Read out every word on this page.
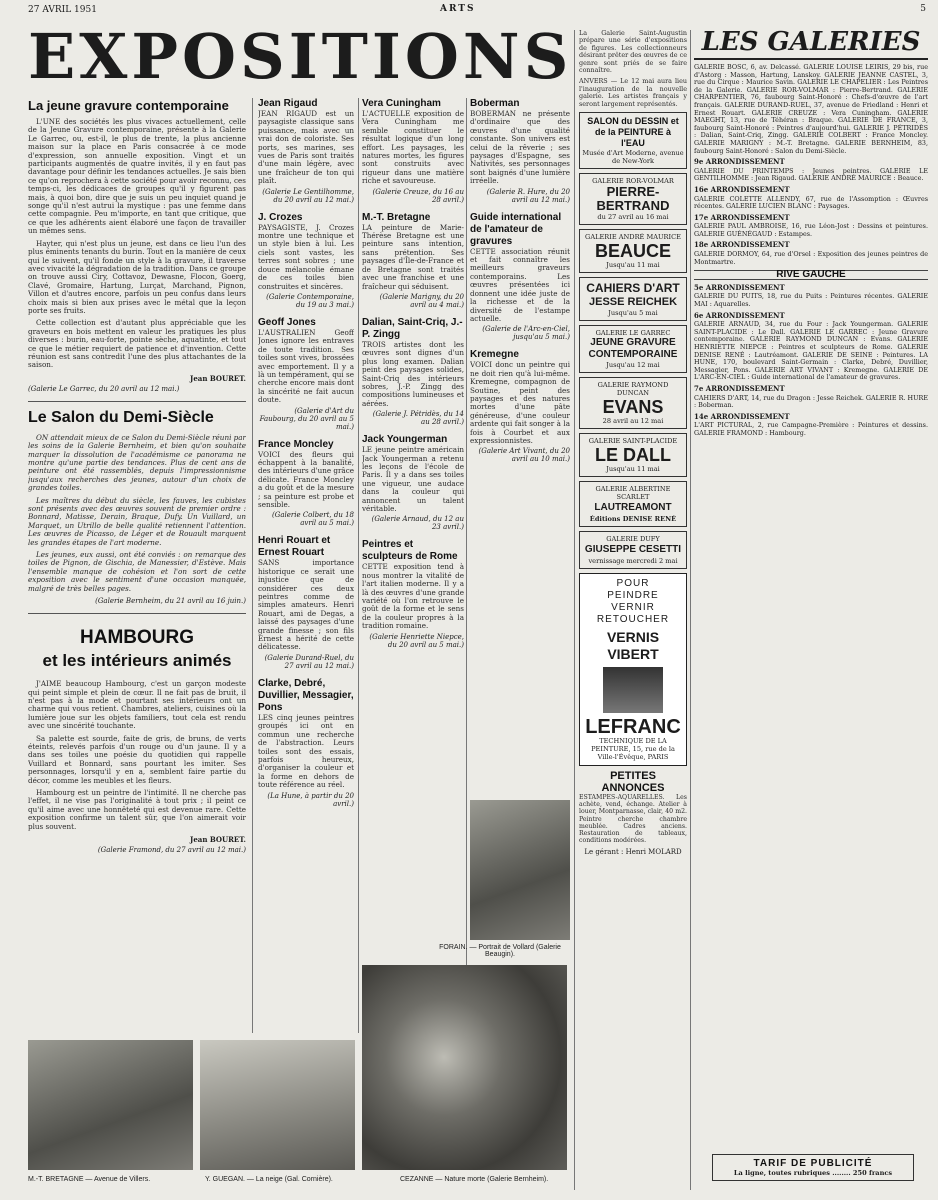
27 AVRIL 1951	ARTS	5
EXPOSITIONS
La jeune gravure contemporaine

L'UNE des sociétés les plus vivaces actuellement, celle de la Jeune Gravure contemporaine, présente à la Galerie Le Garrec, ou, est-il, le plus de trente, la plus ancienne maison sur la place en Paris consacrée à ce mode d'expression, son annuelle exposition. Vingt et un participants augmentés de quatre invités, il y en faut pas davantage pour définir les tendances actuelles. Je sais bien ce qu'on reprochera à cette société pour avoir reconnu, ces temps-ci, les dédicaces de groupes qu'il y figurent pas mais, à quoi bon, dire que je suis un peu inquiet quand je songe qu'il n'est autrui la mystique : pas une femme dans cette compagnie. Peu m'importe, en tant que critique, que ce que les adhérents aient élaboré une façon de travailler un mêmes sens.

Hayter, qui n'est plus un jeune, est dans ce lieu l'un des plus éminents tenants du burin. Tout en la manière de ceux qui le suivent, qu'il fonde un style à la gravure, il traverse avec vivacité la dégradation de la tradition. Dans ce groupe on trouve aussi Ciry, Cottavoz, Dewasne, Flocon, Goerg, Clavé, Gromaire, Hartung, Lurçat, Marchand, Pignon, Villon et d'autres encore, parfois un peu confus dans leurs choix mais si bien aux prises avec le métal que la leçon porte ses fruits.

Cette collection est d'autant plus appréciable que les graveurs en bois mettent en valeur les pratiques les plus diverses : burin, eau-forte, pointe sèche, aquatinte, et tout ce que le métier requiert de patience et d'invention. Cette réunion est sans contredit l'une des plus attachantes de la saison.

Jean BOURET.
(Galerie Le Garrec, du 20 avril au 12 mai.)
Le Salon du Demi-Siècle

ON attendait mieux de ce Salon du Demi-Siècle réuni par les soins de la Galerie Bernheim, et bien qu'on souhaite marquer la dissolution de l'académisme ce panorama ne montre qu'une partie des tendances. Plus de cent ans de peinture ont été rassemblés, depuis l'impressionnisme jusqu'aux recherches des jeunes, autour d'un choix de grandes toiles.

Les maîtres du début du siècle, les fauves, les cubistes sont présents avec des œuvres souvent de premier ordre : Bonnard, Matisse, Derain, Braque, Dufy. Un Vuillard, un Marquet, un Utrillo de belle qualité retiennent l'attention. Les œuvres de Picasso, de Léger et de Rouault marquent les grandes étapes de l'art moderne.

Les jeunes, eux aussi, ont été conviés : on remarque des toiles de Pignon, de Gischia, de Manessier, d'Estève. Mais l'ensemble manque de cohésion et l'on sort de cette exposition avec le sentiment d'une occasion manquée, malgré de très belles pages.

(Galerie Bernheim, du 21 avril au 16 juin.)
HAMBOURG
et les intérieurs animés

J'AIME beaucoup Hambourg, c'est un garçon modeste qui peint simple et plein de cœur. Il ne fait pas de bruit, il n'est pas à la mode et pourtant ses intérieurs ont un charme qui vous retient. Chambres, ateliers, cuisines où la lumière joue sur les objets familiers, tout cela est rendu avec une sincérité touchante.

Sa palette est sourde, faite de gris, de bruns, de verts éteints, relevés parfois d'un rouge ou d'un jaune. Il y a dans ses toiles une poésie du quotidien qui rappelle Vuillard et Bonnard, sans pourtant les imiter. Ses personnages, lorsqu'il y en a, semblent faire partie du décor, comme les meubles et les fleurs.

Hambourg est un peintre de l'intimité. Il ne cherche pas l'effet, il ne vise pas l'originalité à tout prix ; il peint ce qu'il aime avec une honnêteté qui est devenue rare. Cette exposition confirme un talent sûr, que l'on aimerait voir plus souvent.

Jean BOURET.
(Galerie Framond, du 27 avril au 12 mai.)
Jean Rigaud
JEAN RIGAUD est un paysagiste classique sans puissance, mais avec un vrai don de coloriste. Ses ports, ses marines, ses vues de Paris sont traités d'une main légère, avec une fraîcheur de ton qui plaît.
(Galerie Le Gentilhomme, du 20 avril au 12 mai.)
J. Crozes
PAYSAGISTE, J. Crozes montre une technique et un style bien à lui. Les ciels sont vastes, les terres sont sobres ; une douce mélancolie émane de ces toiles bien construites et sincères.
(Galerie Contemporaine, du 19 au 3 mai.)
Geoff Jones
L'AUSTRALIEN Geoff Jones ignore les entraves de toute tradition. Ses toiles sont vives, brossées avec emportement. Il y a là un tempérament, qui se cherche encore mais dont la sincérité ne fait aucun doute.
(Galerie d'Art du Faubourg, du 20 avril au 5 mai.)
France Moncley
VOICI des fleurs qui échappent à la banalité, des intérieurs d'une grâce délicate. France Moncley a du goût et de la mesure ; sa peinture est probe et sensible.
(Galerie Colbert, du 18 avril au 5 mai.)
Henri Rouart et Ernest Rouart
SANS importance historique ce serait une injustice que de considérer ces deux peintres comme de simples amateurs. Henri Rouart, ami de Degas, a laissé des paysages d'une grande finesse ; son fils Ernest a hérité de cette délicatesse.
(Galerie Durand-Ruel, du 27 avril au 12 mai.)
Clarke, Debré, Duvillier, Messagier, Pons
LES cinq jeunes peintres groupés ici ont en commun une recherche de l'abstraction. Leurs toiles sont des essais, parfois heureux, d'organiser la couleur et la forme en dehors de toute référence au réel.
(La Hune, à partir du 20 avril.)
Vera Cuningham
L'ACTUELLE exposition de Vera Cuningham me semble constituer le résultat logique d'un long effort. Les paysages, les natures mortes, les figures sont construits avec rigueur dans une matière riche et savoureuse.
(Galerie Creuze, du 16 au 28 avril.)
M.-T. Bretagne
LA peinture de Marie-Thérèse Bretagne est une peinture sans intention, sans prétention. Ses paysages d'Île-de-France et de Bretagne sont traités avec une franchise et une fraîcheur qui séduisent.
(Galerie Marigny, du 20 avril au 4 mai.)
Dalian, Saint-Criq, J.-P. Zingg
TROIS artistes dont les œuvres sont dignes d'un plus long examen. Dalian peint des paysages solides, Saint-Criq des intérieurs sobres, J.-P. Zingg des compositions lumineuses et aérées.
(Galerie J. Pétridès, du 14 au 28 avril.)
Jack Youngerman
LE jeune peintre américain Jack Youngerman a retenu les leçons de l'école de Paris. Il y a dans ses toiles une vigueur, une audace dans la couleur qui annoncent un talent véritable.
(Galerie Arnaud, du 12 au 23 avril.)
Peintres et sculpteurs de Rome
CETTE exposition tend à nous montrer la vitalité de l'art italien moderne. Il y a là des œuvres d'une grande variété où l'on retrouve le goût de la forme et le sens de la couleur propres à la tradition romaine.
(Galerie Henriette Niepce, du 20 avril au 5 mai.)
Boberman
BOBERMAN ne présente d'ordinaire que des œuvres d'une qualité constante. Son univers est celui de la rêverie ; ses paysages d'Espagne, ses Nativités, ses personnages sont baignés d'une lumière irréelle.
(Galerie R. Hure, du 20 avril au 12 mai.)
Guide international de l'amateur de gravures
CETTE association réunit et fait connaître les meilleurs graveurs contemporains. Les œuvres présentées ici donnent une idée juste de la richesse et de la diversité de l'estampe actuelle.
(Galerie de l'Arc-en-Ciel, jusqu'au 5 mai.)
Kremegne
VOICI donc un peintre qui ne doit rien qu'à lui-même. Kremegne, compagnon de Soutine, peint des paysages et des natures mortes d'une pâte généreuse, d'une couleur ardente qui fait songer à la fois à Courbet et aux expressionnistes.
(Galerie Art Vivant, du 20 avril au 10 mai.)
FORAIN. — Portrait de Vollard (Galerie Beaugin).
M.-T. BRETAGNE — Avenue de Villers.	Y. GUEGAN. — La neige (Gal. Cornière).	CEZANNE — Nature morte (Galerie Bernheim).
La Galerie Saint-Augustin prépare une série d'expositions de figures. Les collectionneurs désirant prêter des œuvres de ce genre sont priés de se faire connaître.
ANVERS — Le 12 mai aura lieu l'inauguration de la nouvelle galerie. Les artistes français y seront largement représentés.
SALON du DESSIN et de la PEINTURE à l'EAU
Musée d'Art Moderne, avenue de New-York
GALERIE ROR-VOLMAR
PIERRE-BERTRAND
du 27 avril au 16 mai
GALERIE ANDRÉ MAURICE
BEAUCE
Jusqu'au 11 mai
CAHIERS D'ART
JESSE REICHEK
Jusqu'au 5 mai
GALERIE LE GARREC
JEUNE GRAVURE CONTEMPORAINE
Jusqu'au 12 mai
GALERIE RAYMOND DUNCAN
EVANS
28 avril au 12 mai
GALERIE SAINT-PLACIDE
LE DALL
Jusqu'au 11 mai
GALERIE ALBERTINE SCARLET
LAUTREAMONT
Éditions DENISE RENÉ
GALERIE DUFY
GIUSEPPE CESETTI
vernissage mercredi 2 mai
POUR
PEINDRE
VERNIR
RETOUCHER
VERNIS VIBERT
LEFRANC
TECHNIQUE DE LA PEINTURE, 15, rue de la Ville-l'Évêque, PARIS
PETITES ANNONCES
ESTAMPES-AQUARELLES. Les achète, vend, échange. Atelier à louer, Montparnasse, clair, 40 m2. Peintre cherche chambre meublée. Cadres anciens. Restauration de tableaux, conditions modérées.
Le gérant : Henri MOLARD
LES GALERIES

GALERIE BOSC, 6, av. Delcassé. GALERIE LOUISE LEIRIS, 29 bis, rue d'Astorg : Masson, Hartung, Lanskoy. GALERIE JEANNE CASTEL, 3, rue du Cirque : Maurice Savin. GALERIE LE CHAPELIER : Les Peintres de la Galerie. GALERIE ROR-VOLMAR : Pierre-Bertrand. GALERIE CHARPENTIER, 76, faubourg Saint-Honoré : Chefs-d'œuvre de l'art français. GALERIE DURAND-RUEL, 37, avenue de Friedland : Henri et Ernest Rouart. GALERIE CREUZE : Vera Cuningham. GALERIE MAEGHT, 13, rue de Téhéran : Braque. GALERIE DE FRANCE, 3, faubourg Saint-Honoré : Peintres d'aujourd'hui. GALERIE J. PÉTRIDÈS : Dalian, Saint-Criq, Zingg. GALERIE COLBERT : France Moncley. GALERIE MARIGNY : M.-T. Bretagne. GALERIE BERNHEIM, 83, faubourg Saint-Honoré : Salon du Demi-Siècle.

9e ARRONDISSEMENT

GALERIE DU PRINTEMPS : Jeunes peintres. GALERIE LE GENTILHOMME : Jean Rigaud. GALERIE ANDRÉ MAURICE : Beauce.

16e ARRONDISSEMENT

GALERIE COLETTE ALLENDY, 67, rue de l'Assomption : Œuvres récentes. GALERIE LUCIEN BLANC : Paysages.

17e ARRONDISSEMENT

GALERIE PAUL AMBROISE, 16, rue Léon-Jost : Dessins et peintures. GALERIE GUÉNÉGAUD : Estampes.

18e ARRONDISSEMENT

GALERIE DORMOY, 64, rue d'Orsel : Exposition des jeunes peintres de Montmartre.

RIVE GAUCHE
5e ARRONDISSEMENT

GALERIE DU PUITS, 18, rue du Puits : Peintures récentes. GALERIE MAI : Aquarelles.

6e ARRONDISSEMENT

GALERIE ARNAUD, 34, rue du Four : Jack Youngerman. GALERIE SAINT-PLACIDE : Le Dall. GALERIE LE GARREC : Jeune Gravure contemporaine. GALERIE RAYMOND DUNCAN : Evans. GALERIE HENRIETTE NIEPCE : Peintres et sculpteurs de Rome. GALERIE DENISE RENÉ : Lautréamont. GALERIE DE SEINE : Peintures. LA HUNE, 170, boulevard Saint-Germain : Clarke, Debré, Duvillier, Messagier, Pons. GALERIE ART VIVANT : Kremegne. GALERIE DE L'ARC-EN-CIEL : Guide international de l'amateur de gravures.

7e ARRONDISSEMENT

CAHIERS D'ART, 14, rue du Dragon : Jesse Reichek. GALERIE R. HURE : Boberman.

14e ARRONDISSEMENT

L'ART PICTURAL, 2, rue Campagne-Première : Peintures et dessins. GALERIE FRAMOND : Hambourg.

TARIF DE PUBLICITÉ
La ligne, toutes rubriques ........ 250 francs
